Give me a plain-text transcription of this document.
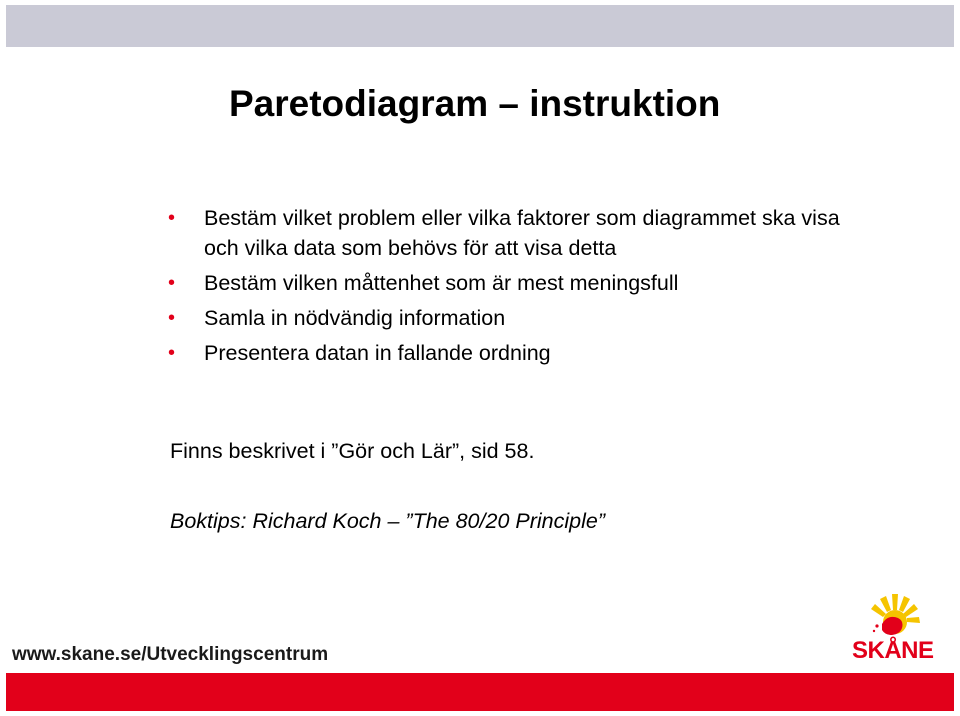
Paretodiagram – instruktion
• Bestäm vilket problem eller vilka faktorer som diagrammet ska visa och vilka data som behövs för att visa detta
• Bestäm vilken måttenhet som är mest meningsfull
• Samla in nödvändig information
• Presentera datan in fallande ordning

Finns beskrivet i ”Gör och Lär”, sid 58.

Boktips: Richard Koch – ”The 80/20 Principle”

www.skane.se/Utvecklingscentrum	SKÅNE
